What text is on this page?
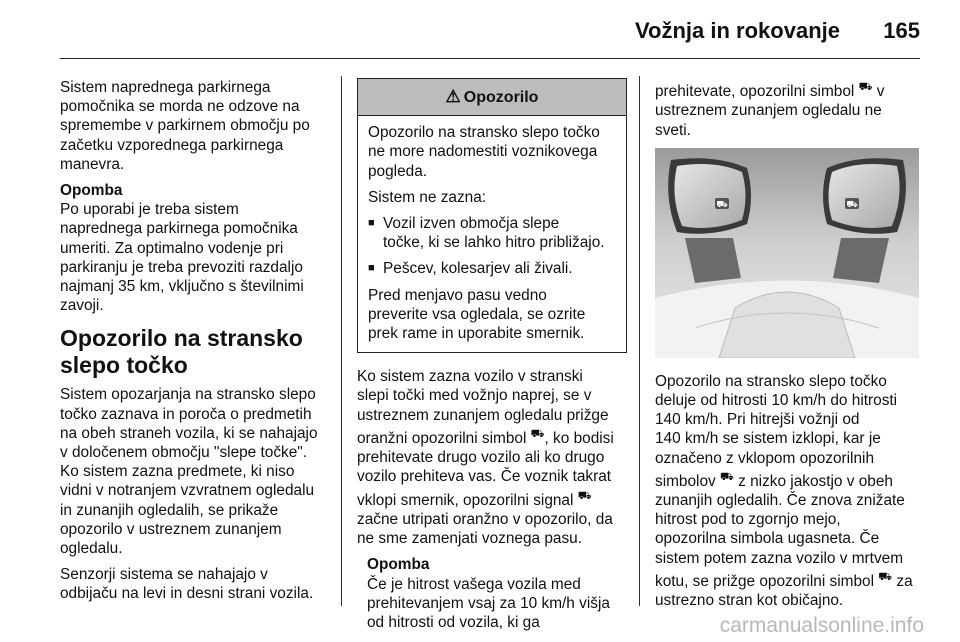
Vožnja in rokovanje 165

Sistem naprednega parkirnega
pomočnika se morda ne odzove na
spremembe v parkirnem območju po
začetku vzporednega parkirnega
manevra.

Opomba

Po uporabi je treba sistem
naprednega parkirnega pomočnika
umeriti. Za optimalno vodenje pri
parkiranju je treba prevoziti razdaljo
najmanj 35 km, vključno s številnimi
zavoji.

Opozorilo na stransko
slepo točko

Sistem opozarjanja na stransko slepo
točko zaznava in poroča o predmetih
na obeh straneh vozila, ki se nahajajo
v določenem območju "slepe točke".
Ko sistem zazna predmete, ki niso
vidni v notranjem vzvratnem ogledalu
in zunanjih ogledalih, se prikaže
opozorilo v ustreznem zunanjem
ogledalu.

Senzorji sistema se nahajajo v
odbijaču na levi in desni strani vozila.

⚠ Opozorilo

Opozorilo na stransko slepo točko
ne more nadomestiti voznikovega
pogleda.

Sistem ne zazna:

■ Vozil izven območja slepe
točke, ki se lahko hitro približajo.
■ Pešcev, kolesarjev ali živali.

Pred menjavo pasu vedno
preverite vsa ogledala, se ozrite
prek rame in uporabite smernik.

Ko sistem zazna vozilo v stranski
slepi točki med vožnjo naprej, se v
ustreznem zunanjem ogledalu prižge
oranžni opozorilni simbol ⛟, ko bodisi
prehitevate drugo vozilo ali ko drugo
vozilo prehiteva vas. Če voznik takrat
vklopi smernik, opozorilni signal ⛟
začne utripati oranžno v opozorilo, da
ne sme zamenjati voznega pasu.

Opomba

Če je hitrost vašega vozila med
prehitevanjem vsaj za 10 km/h višja
od hitrosti od vozila, ki ga

prehitevate, opozorilni simbol ⛟ v
ustreznem zunanjem ogledalu ne
sveti.

⛟	⛟

Opozorilo na stransko slepo točko
deluje od hitrosti 10 km/h do hitrosti
140 km/h. Pri hitrejši vožnji od
140 km/h se sistem izklopi, kar je
označeno z vklopom opozorilnih
simbolov ⛟ z nizko jakostjo v obeh
zunanjih ogledalih. Če znova znižate
hitrost pod to zgornjo mejo,
opozorilna simbola ugasneta. Če
sistem potem zazna vozilo v mrtvem
kotu, se prižge opozorilni simbol ⛟ za
ustrezno stran kot običajno.

carmanualsonline.info
